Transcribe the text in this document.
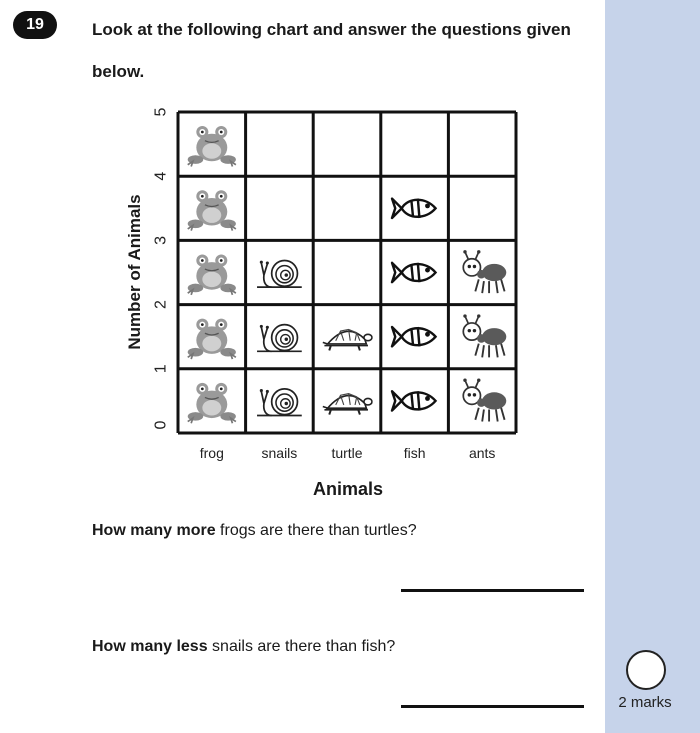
19	Look at the following chart and answer the questions given
below.
0
1
2
3
4
5
frog	snails turtle	fish	ants
Animals
Number of Animals
How many more frogs are there than turtles?
How many less snails are there than fish?
2 marks
